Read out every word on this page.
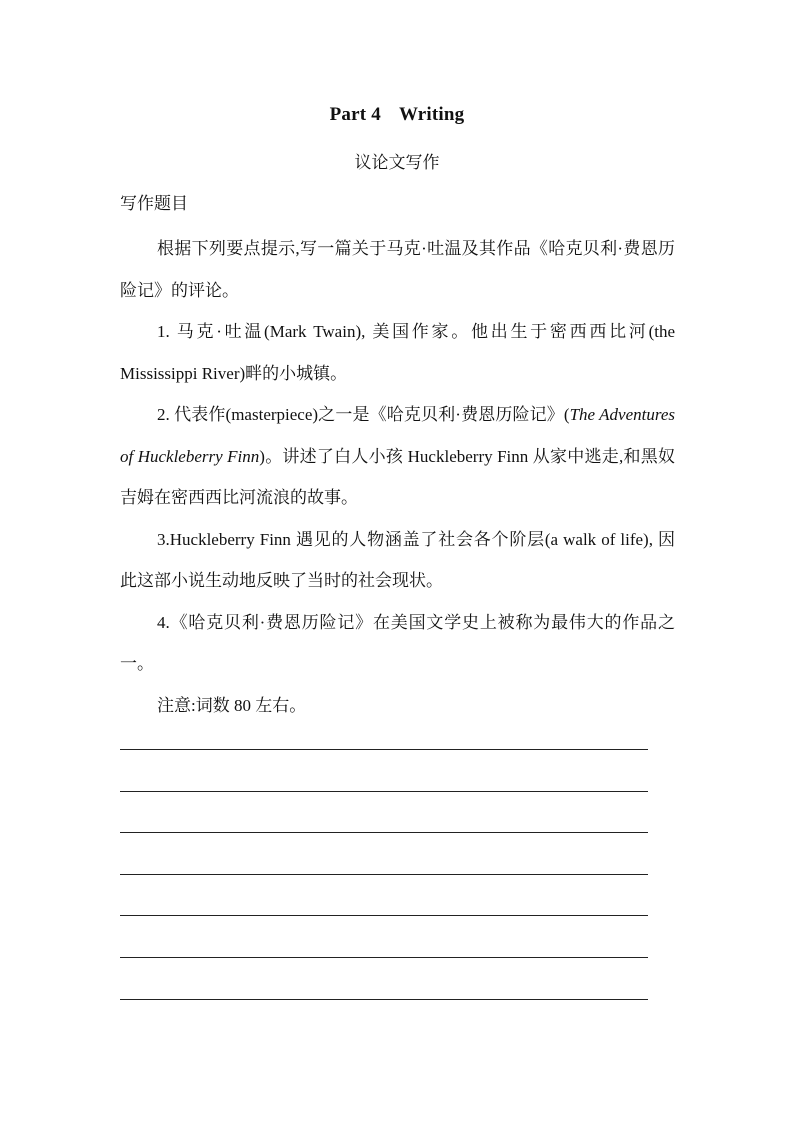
Part 4 Writing
议论文写作
写作题目

根据下列要点提示,写一篇关于马克·吐温及其作品《哈克贝利·费恩历险记》的评论。

1. 马克·吐温(Mark Twain), 美国作家。他出生于密西西比河(the Mississippi River)畔的小城镇。

2. 代表作(masterpiece)之一是《哈克贝利·费恩历险记》(The Adventures of Huckleberry Finn)。讲述了白人小孩 Huckleberry Finn 从家中逃走,和黑奴吉姆在密西西比河流浪的故事。

3.Huckleberry Finn 遇见的人物涵盖了社会各个阶层(a walk of life), 因此这部小说生动地反映了当时的社会现状。

4.《哈克贝利·费恩历险记》在美国文学史上被称为最伟大的作品之一。

注意:词数 80 左右。
